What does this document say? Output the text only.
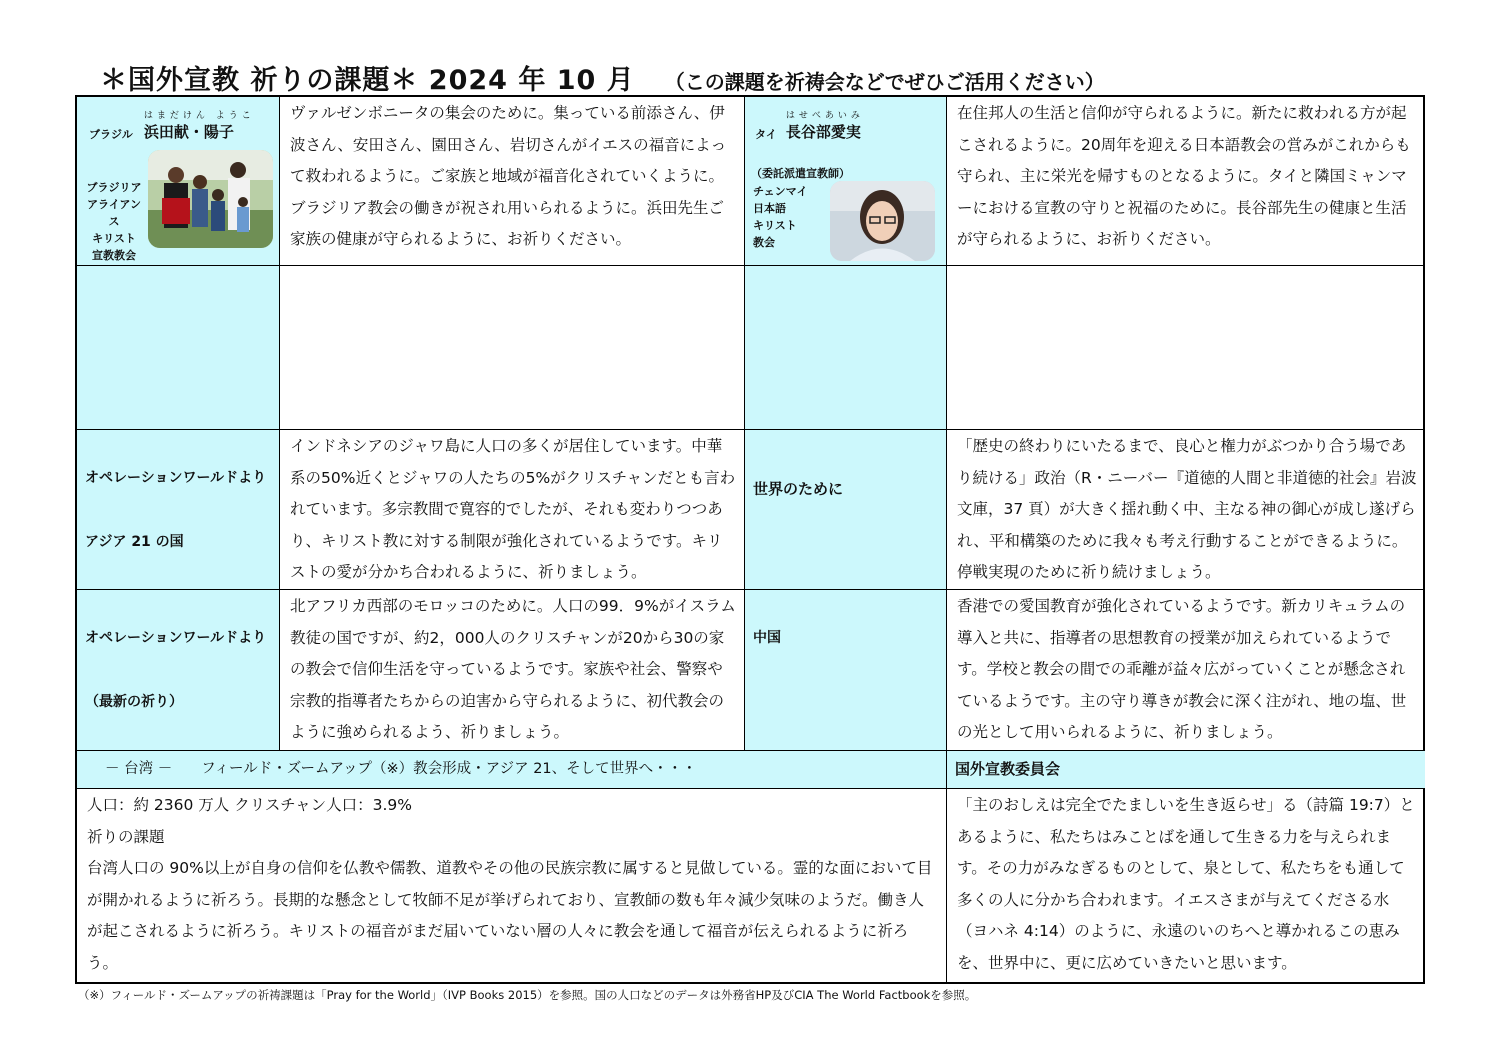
＊国外宣教 祈りの課題＊ 2024 年 10 月 （この課題を祈祷会などでぜひご活用ください）
ブラジル
はまだけん ようこ
浜田献・陽子
ブラジリア
アライアンス
キリスト
宣教教会
ヴァルゼンボニータの集会のために。集っている前添さん、伊波さん、安田さん、園田さん、岩切さんがイエスの福音によって救われるように。ご家族と地域が福音化されていくように。ブラジリア教会の働きが祝され用いられるように。浜田先生ご家族の健康が守られるように、お祈りください。
タイ
はせべあいみ
長谷部愛実
（委託派遣宣教師）
チェンマイ
日本語
キリスト
教会
在住邦人の生活と信仰が守られるように。新たに救われる方が起こされるように。20周年を迎える日本語教会の営みがこれからも守られ、主に栄光を帰すものとなるように。タイと隣国ミャンマーにおける宣教の守りと祝福のために。長谷部先生の健康と生活が守られるように、お祈りください。

オペレーションワールドより

アジア 21 の国

インドネシアのジャワ島に人口の多くが居住しています。中華系の50%近くとジャワの人たちの5%がクリスチャンだとも言われています。多宗教間で寛容的でしたが、それも変わりつつあり、キリスト教に対する制限が強化されているようです。キリストの愛が分かち合われるように、祈りましょう。

世界のために

「歴史の終わりにいたるまで、良心と権力がぶつかり合う場であり続ける」政治（R・ニーバー『道徳的人間と非道徳的社会』岩波文庫，37 頁）が大きく揺れ動く中、主なる神の御心が成し遂げられ、平和構築のために我々も考え行動することができるように。停戦実現のために祈り続けましょう。

オペレーションワールドより

（最新の祈り）

北アフリカ西部のモロッコのために。人口の99．9%がイスラム教徒の国ですが、約2，000人のクリスチャンが20から30の家の教会で信仰生活を守っているようです。家族や社会、警察や宗教的指導者たちからの迫害から守られるように、初代教会のように強められるよう、祈りましょう。

中国

香港での愛国教育が強化されているようです。新カリキュラムの導入と共に、指導者の思想教育の授業が加えられているようです。学校と教会の間での乖離が益々広がっていくことが懸念されているようです。主の守り導きが教会に深く注がれ、地の塩、世の光として用いられるように、祈りましょう。
－ 台湾 －　　フィールド・ズームアップ（※）教会形成・アジア 21、そして世界へ・・・	国外宣教委員会
人口：約 2360 万人 クリスチャン人口：3.9%
祈りの課題
台湾人口の 90%以上が自身の信仰を仏教や儒教、道教やその他の民族宗教に属すると見做している。霊的な面において目が開かれるように祈ろう。長期的な懸念として牧師不足が挙げられており、宣教師の数も年々減少気味のようだ。働き人が起こされるように祈ろう。キリストの福音がまだ届いていない層の人々に教会を通して福音が伝えられるように祈ろう。
「主のおしえは完全でたましいを生き返らせ」る（詩篇 19:7）とあるように、私たちはみことばを通して生きる力を与えられます。その力がみなぎるものとして、泉として、私たちをも通して多くの人に分かち合われます。イエスさまが与えてくださる水（ヨハネ 4:14）のように、永遠のいのちへと導かれるこの恵みを、世界中に、更に広めていきたいと思います。
（※）フィールド・ズームアップの祈祷課題は「Pray for the World」（IVP Books 2015）を参照。国の人口などのデータは外務省HP及びCIA The World Factbookを参照。
